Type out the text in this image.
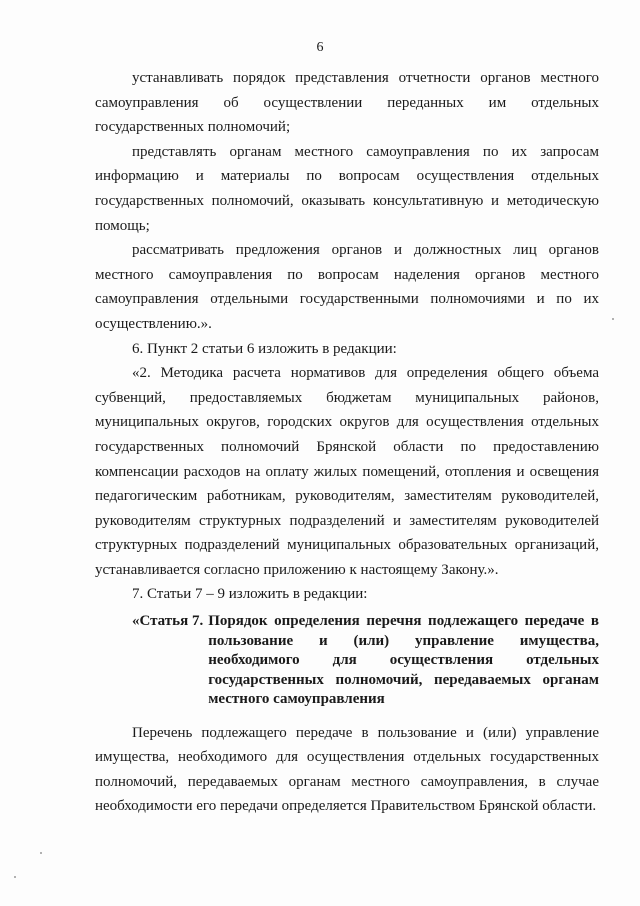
6

устанавливать порядок представления отчетности органов местного самоуправления об осуществлении переданных им отдельных государственных полномочий;

представлять органам местного самоуправления по их запросам информацию и материалы по вопросам осуществления отдельных государственных полномочий, оказывать консультативную и методическую помощь;

рассматривать предложения органов и должностных лиц органов местного самоуправления по вопросам наделения органов местного самоуправления отдельными государственными полномочиями и по их осуществлению.».

6. Пункт 2 статьи 6 изложить в редакции:

«2. Методика расчета нормативов для определения общего объема субвенций, предоставляемых бюджетам муниципальных районов, муниципальных округов, городских округов для осуществления отдельных государственных полномочий Брянской области по предоставлению компенсации расходов на оплату жилых помещений, отопления и освещения педагогическим работникам, руководителям, заместителям руководителей, руководителям структурных подразделений и заместителям руководителей структурных подразделений муниципальных образовательных организаций, устанавливается согласно приложению к настоящему Закону.».

7. Статьи 7 – 9 изложить в редакции:

«Статья 7. Порядок определения перечня подлежащего передаче в пользование и (или) управление имущества, необходимого для осуществления отдельных государственных полномочий, передаваемых органам местного самоуправления

Перечень подлежащего передаче в пользование и (или) управление имущества, необходимого для осуществления отдельных государственных полномочий, передаваемых органам местного самоуправления, в случае необходимости его передачи определяется Правительством Брянской области.
